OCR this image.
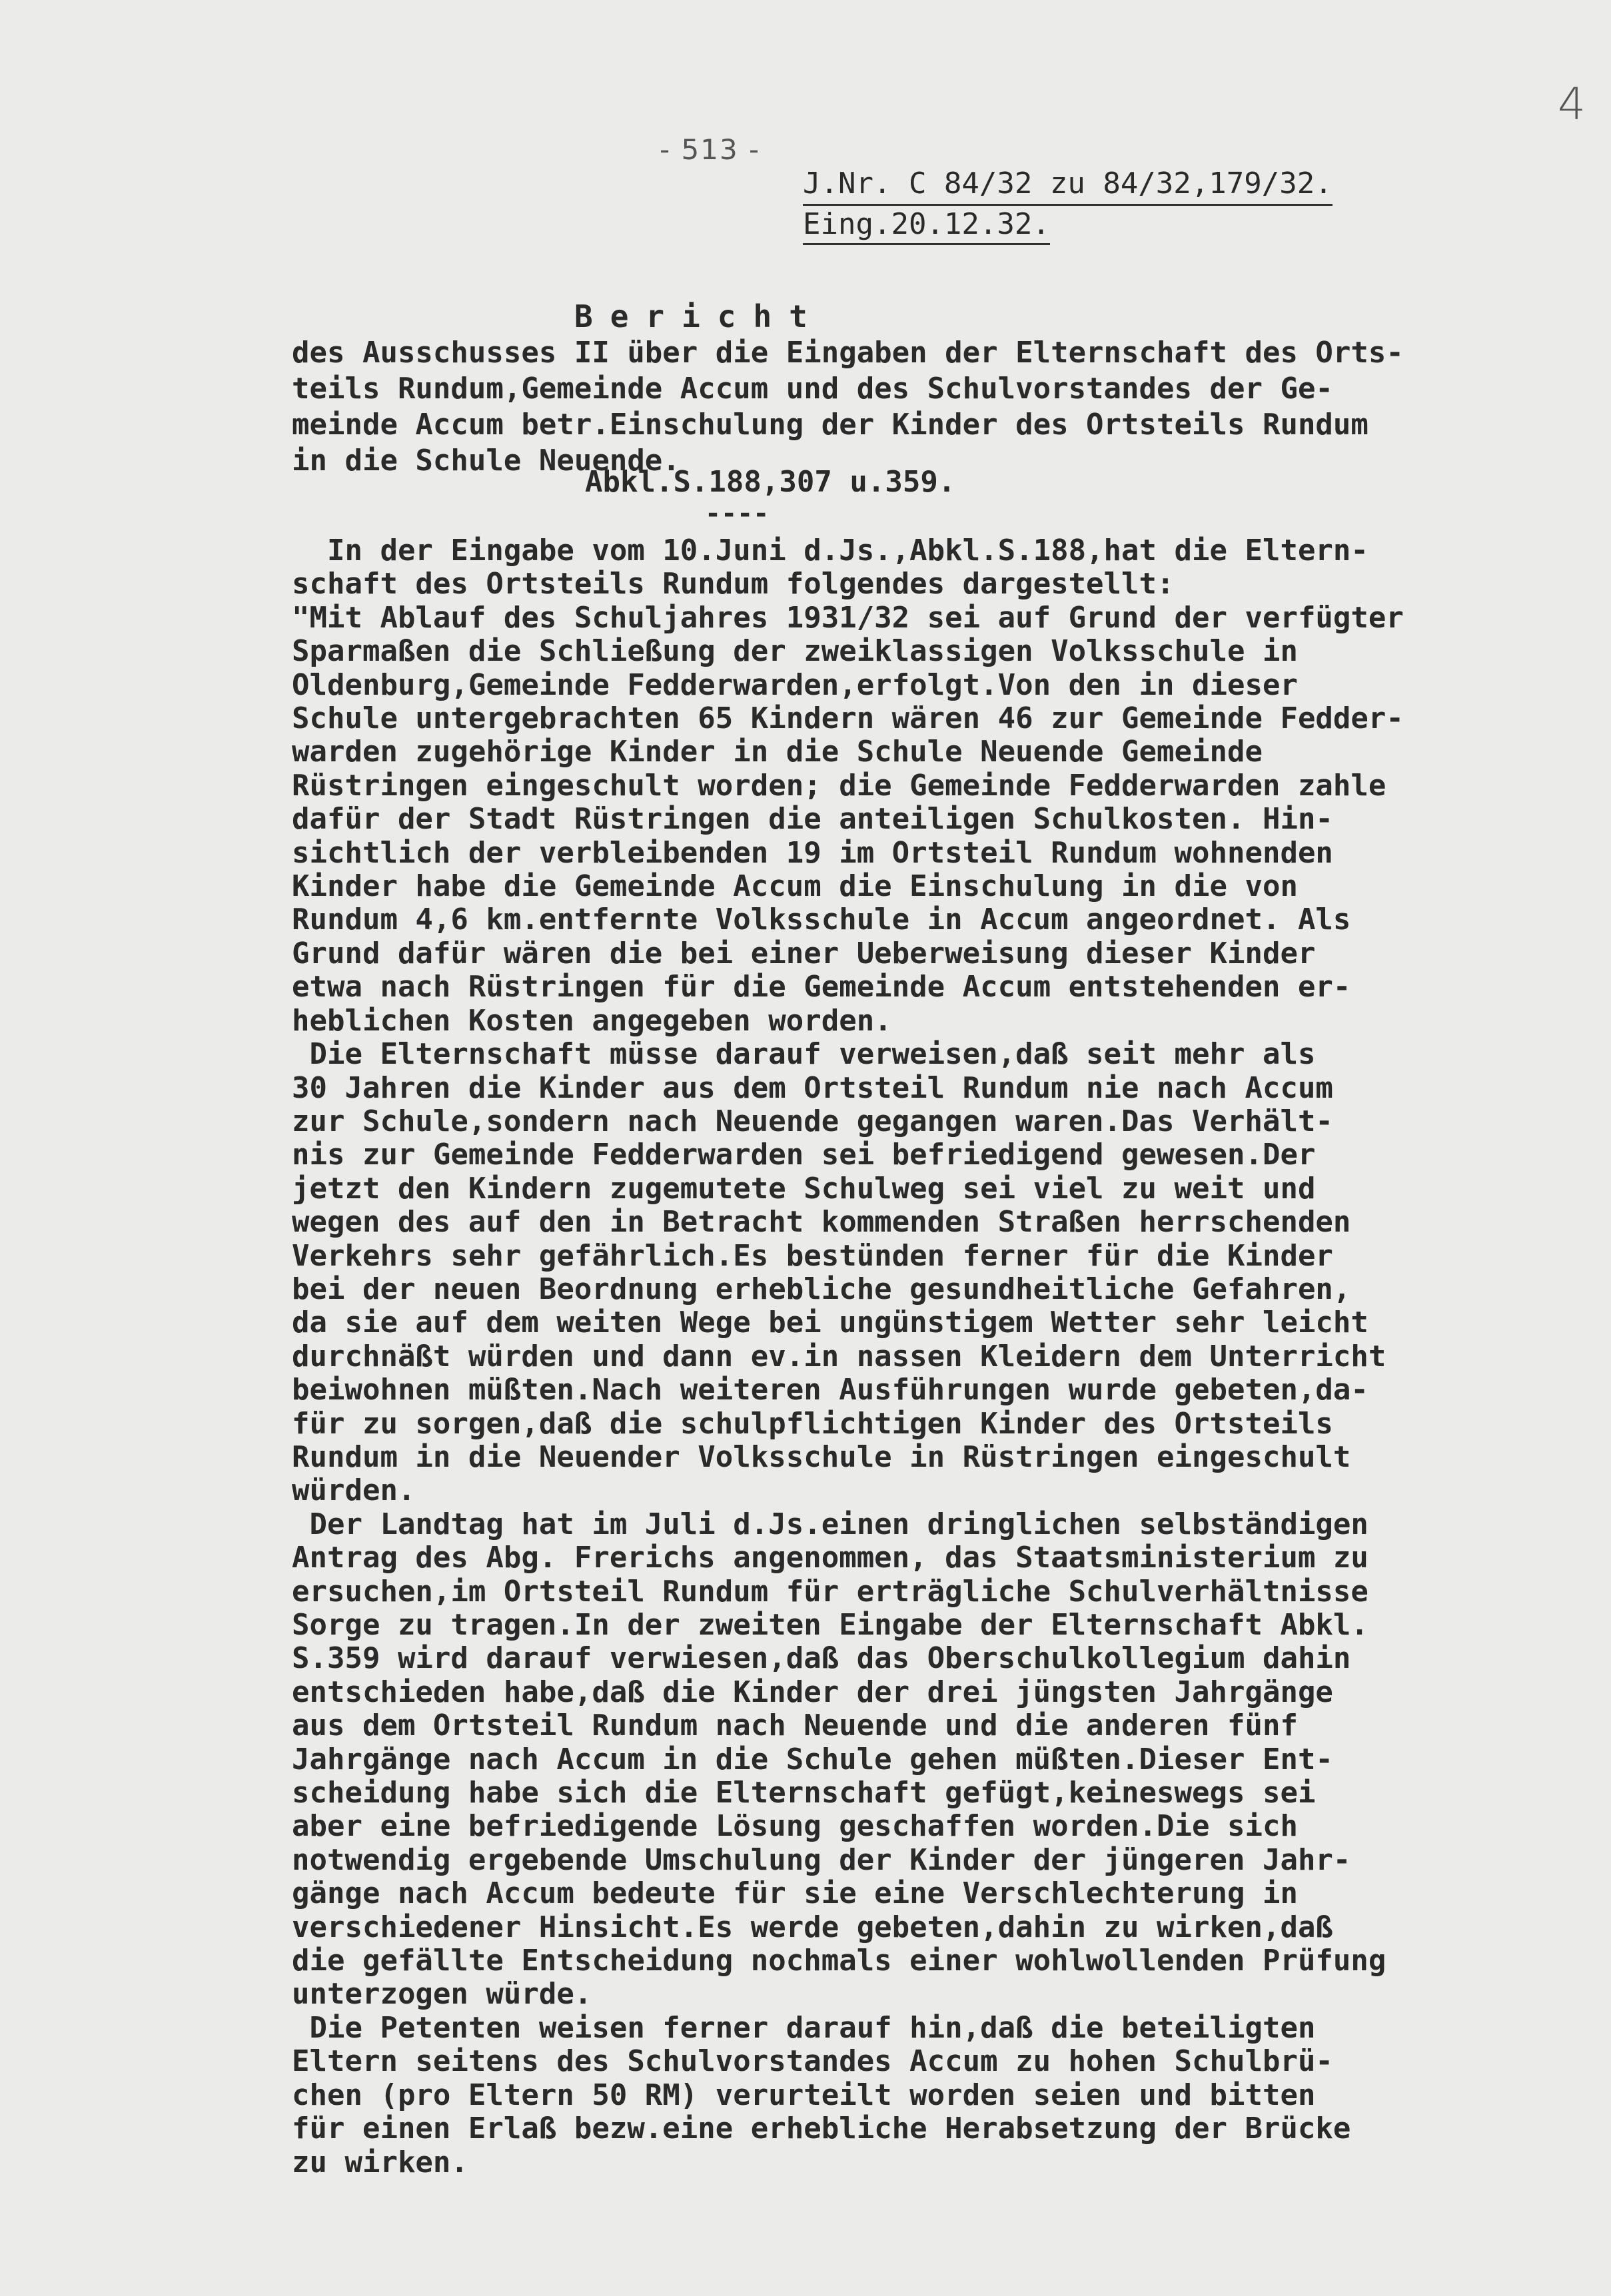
4
- 513 -
J.Nr. C 84/32 zu 84/32,179/32.
Eing.20.12.32.
Bericht
des Ausschusses II über die Eingaben der Elternschaft des Orts-
teils Rundum,Gemeinde Accum und des Schulvorstandes der Ge-
meinde Accum betr.Einschulung der Kinder des Ortsteils Rundum
in die Schule Neuende.
Abkl.S.188,307 u.359.
----
In der Eingabe vom 10.Juni d.Js.,Abkl.S.188,hat die Eltern-
schaft des Ortsteils Rundum folgendes dargestellt:
"Mit Ablauf des Schuljahres 1931/32 sei auf Grund der verfügter
Sparmaßen die Schließung der zweiklassigen Volksschule in
Oldenburg,Gemeinde Fedderwarden,erfolgt.Von den in dieser
Schule untergebrachten 65 Kindern wären 46 zur Gemeinde Fedder-
warden zugehörige Kinder in die Schule Neuende Gemeinde
Rüstringen eingeschult worden; die Gemeinde Fedderwarden zahle
dafür der Stadt Rüstringen die anteiligen Schulkosten. Hin-
sichtlich der verbleibenden 19 im Ortsteil Rundum wohnenden
Kinder habe die Gemeinde Accum die Einschulung in die von
Rundum 4,6 km.entfernte Volksschule in Accum angeordnet. Als
Grund dafür wären die bei einer Ueberweisung dieser Kinder
etwa nach Rüstringen für die Gemeinde Accum entstehenden er-
heblichen Kosten angegeben worden.
Die Elternschaft müsse darauf verweisen,daß seit mehr als
30 Jahren die Kinder aus dem Ortsteil Rundum nie nach Accum
zur Schule,sondern nach Neuende gegangen waren.Das Verhält-
nis zur Gemeinde Fedderwarden sei befriedigend gewesen.Der
jetzt den Kindern zugemutete Schulweg sei viel zu weit und
wegen des auf den in Betracht kommenden Straßen herrschenden
Verkehrs sehr gefährlich.Es bestünden ferner für die Kinder
bei der neuen Beordnung erhebliche gesundheitliche Gefahren,
da sie auf dem weiten Wege bei ungünstigem Wetter sehr leicht
durchnäßt würden und dann ev.in nassen Kleidern dem Unterricht
beiwohnen müßten.Nach weiteren Ausführungen wurde gebeten,da-
für zu sorgen,daß die schulpflichtigen Kinder des Ortsteils
Rundum in die Neuender Volksschule in Rüstringen eingeschult
würden.
Der Landtag hat im Juli d.Js.einen dringlichen selbständigen
Antrag des Abg. Frerichs angenommen, das Staatsministerium zu
ersuchen,im Ortsteil Rundum für erträgliche Schulverhältnisse
Sorge zu tragen.In der zweiten Eingabe der Elternschaft Abkl.
S.359 wird darauf verwiesen,daß das Oberschulkollegium dahin
entschieden habe,daß die Kinder der drei jüngsten Jahrgänge
aus dem Ortsteil Rundum nach Neuende und die anderen fünf
Jahrgänge nach Accum in die Schule gehen müßten.Dieser Ent-
scheidung habe sich die Elternschaft gefügt,keineswegs sei
aber eine befriedigende Lösung geschaffen worden.Die sich
notwendig ergebende Umschulung der Kinder der jüngeren Jahr-
gänge nach Accum bedeute für sie eine Verschlechterung in
verschiedener Hinsicht.Es werde gebeten,dahin zu wirken,daß
die gefällte Entscheidung nochmals einer wohlwollenden Prüfung
unterzogen würde.
Die Petenten weisen ferner darauf hin,daß die beteiligten
Eltern seitens des Schulvorstandes Accum zu hohen Schulbrü-
chen (pro Eltern 50 RM) verurteilt worden seien und bitten
für einen Erlaß bezw.eine erhebliche Herabsetzung der Brücke
zu wirken.
